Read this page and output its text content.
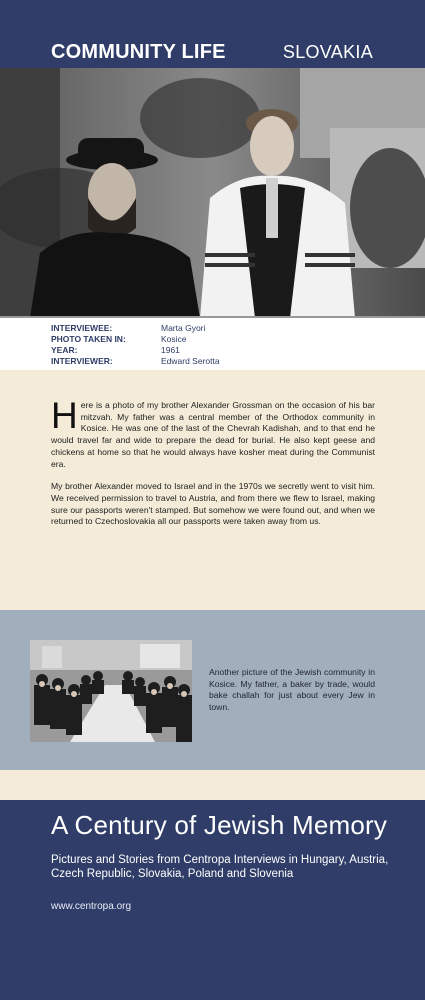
COMMUNITY LIFE	SLOVAKIA
INTERVIEWEE:	Marta Gyori
PHOTO TAKEN IN:	Kosice
YEAR:	1961
INTERVIEWER:	Edward Serotta

Here is a photo of my brother Alexander Grossman on the occasion of his bar mitzvah. My father was a central member of the Orthodox community in Kosice. He was one of the last of the Chevrah Kadishah, and to that end he would travel far and wide to prepare the dead for burial. He also kept geese and chickens at home so that he would always have kosher meat during the Communist era.

My brother Alexander moved to Israel and in the 1970s we secretly went to visit him. We received permission to travel to Austria, and from there we flew to Israel, making sure our passports weren't stamped. But somehow we were found out, and when we returned to Czechoslovakia all our passports were taken away from us.

Another picture of the Jewish community in Kosice. My father, a baker by trade, would bake challah for just about every Jew in town.
A Century of Jewish Memory
Pictures and Stories from Centropa Interviews in Hungary, Austria, Czech Republic, Slovakia, Poland and Slovenia
www.centropa.org
